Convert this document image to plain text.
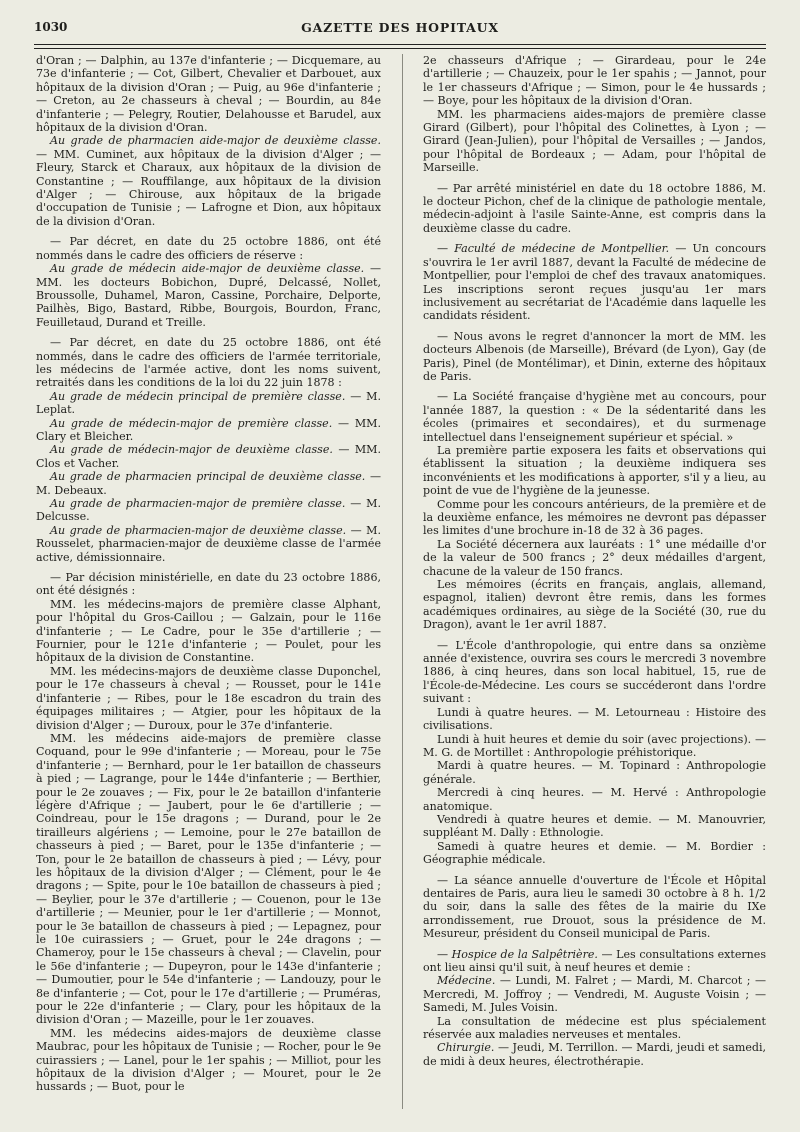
1030	GAZETTE DES HOPITAUX

d'Oran ; — Dalphin, au 137e d'infanterie ; — Dicquemare, au 73e d'infanterie ; — Cot, Gilbert, Chevalier et Darbouet, aux hôpitaux de la division d'Oran ; — Puig, au 96e d'infanterie ; — Creton, au 2e chasseurs à cheval ; — Bourdin, au 84e d'infanterie ; — Pelegry, Routier, Delahousse et Barudel, aux hôpitaux de la division d'Oran.

Au grade de pharmacien aide-major de deuxième classe. — MM. Cuminet, aux hôpitaux de la division d'Alger ; — Fleury, Starck et Charaux, aux hôpitaux de la division de Constantine ; — Rouffilange, aux hôpitaux de la division d'Alger ; — Chirouse, aux hôpitaux de la brigade d'occupation de Tunisie ; — Lafrogne et Dion, aux hôpitaux de la division d'Oran.

— Par décret, en date du 25 octobre 1886, ont été nommés dans le cadre des officiers de réserve :

Au grade de médecin aide-major de deuxième classe. — MM. les docteurs Bobichon, Dupré, Delcassé, Nollet, Broussolle, Duhamel, Maron, Cassine, Porchaire, Delporte, Pailhès, Bigo, Bastard, Ribbe, Bourgois, Bourdon, Franc, Feuilletaud, Durand et Treille.

— Par décret, en date du 25 octobre 1886, ont été nommés, dans le cadre des officiers de l'armée territoriale, les médecins de l'armée active, dont les noms suivent, retraités dans les conditions de la loi du 22 juin 1878 :

Au grade de médecin principal de première classe. — M. Leplat.

Au grade de médecin-major de première classe. — MM. Clary et Bleicher.

Au grade de médecin-major de deuxième classe. — MM. Clos et Vacher.

Au grade de pharmacien principal de deuxième classe. — M. Debeaux.

Au grade de pharmacien-major de première classe. — M. Delcusse.

Au grade de pharmacien-major de deuxième classe. — M. Rousselet, pharmacien-major de deuxième classe de l'armée active, démissionnaire.

— Par décision ministérielle, en date du 23 octobre 1886, ont été désignés :

MM. les médecins-majors de première classe Alphant, pour l'hôpital du Gros-Caillou ; — Galzain, pour le 116e d'infanterie ; — Le Cadre, pour le 35e d'artillerie ; — Fournier, pour le 121e d'infanterie ; — Poulet, pour les hôpitaux de la division de Constantine.

MM. les médecins-majors de deuxième classe Duponchel, pour le 17e chasseurs à cheval ; — Rousset, pour le 141e d'infanterie ; — Ribes, pour le 18e escadron du train des équipages militaires ; — Atgier, pour les hôpitaux de la division d'Alger ; — Duroux, pour le 37e d'infanterie.

MM. les médecins aide-majors de première classe Coquand, pour le 99e d'infanterie ; — Moreau, pour le 75e d'infanterie ; — Bernhard, pour le 1er bataillon de chasseurs à pied ; — Lagrange, pour le 144e d'infanterie ; — Berthier, pour le 2e zouaves ; — Fix, pour le 2e bataillon d'infanterie légère d'Afrique ; — Jaubert, pour le 6e d'artillerie ; — Coindreau, pour le 15e dragons ; — Durand, pour le 2e tirailleurs algériens ; — Lemoine, pour le 27e bataillon de chasseurs à pied ; — Baret, pour le 135e d'infanterie ; — Ton, pour le 2e bataillon de chasseurs à pied ; — Lévy, pour les hôpitaux de la division d'Alger ; — Clément, pour le 4e dragons ; — Spite, pour le 10e bataillon de chasseurs à pied ; — Beylier, pour le 37e d'artillerie ; — Couenon, pour le 13e d'artillerie ; — Meunier, pour le 1er d'artillerie ; — Monnot, pour le 3e bataillon de chasseurs à pied ; — Lepagnez, pour le 10e cuirassiers ; — Gruet, pour le 24e dragons ; — Chameroy, pour le 15e chasseurs à cheval ; — Clavelin, pour le 56e d'infanterie ; — Dupeyron, pour le 143e d'infanterie ; — Dumoutier, pour le 54e d'infanterie ; — Landouzy, pour le 8e d'infanterie ; — Cot, pour le 17e d'artillerie ; — Pruméras, pour le 22e d'infanterie ; — Clary, pour les hôpitaux de la division d'Oran ; — Mazeille, pour le 1er zouaves.

MM. les médecins aides-majors de deuxième classe Maubrac, pour les hôpitaux de Tunisie ; — Rocher, pour le 9e cuirassiers ; — Lanel, pour le 1er spahis ; — Milliot, pour les hôpitaux de la division d'Alger ; — Mouret, pour le 2e hussards ; — Buot, pour le

2e chasseurs d'Afrique ; — Girardeau, pour le 24e d'artillerie ; — Chauzeix, pour le 1er spahis ; — Jannot, pour le 1er chasseurs d'Afrique ; — Simon, pour le 4e hussards ; — Boye, pour les hôpitaux de la division d'Oran.

MM. les pharmaciens aides-majors de première classe Girard (Gilbert), pour l'hôpital des Colinettes, à Lyon ; — Girard (Jean-Julien), pour l'hôpital de Versailles ; — Jandos, pour l'hôpital de Bordeaux ; — Adam, pour l'hôpital de Marseille.

— Par arrêté ministériel en date du 18 octobre 1886, M. le docteur Pichon, chef de la clinique de pathologie mentale, médecin-adjoint à l'asile Sainte-Anne, est compris dans la deuxième classe du cadre.

— Faculté de médecine de Montpellier. — Un concours s'ouvrira le 1er avril 1887, devant la Faculté de médecine de Montpellier, pour l'emploi de chef des travaux anatomiques. Les inscriptions seront reçues jusqu'au 1er mars inclusivement au secrétariat de l'Académie dans laquelle les candidats résident.

— Nous avons le regret d'annoncer la mort de MM. les docteurs Albenois (de Marseille), Brévard (de Lyon), Gay (de Paris), Pinel (de Montélimar), et Dinin, externe des hôpitaux de Paris.

— La Société française d'hygiène met au concours, pour l'année 1887, la question : « De la sédentarité dans les écoles (primaires et secondaires), et du surmenage intellectuel dans l'enseignement supérieur et spécial. »

La première partie exposera les faits et observations qui établissent la situation ; la deuxième indiquera ses inconvénients et les modifications à apporter, s'il y a lieu, au point de vue de l'hygiène de la jeunesse.

Comme pour les concours antérieurs, de la première et de la deuxième enfance, les mémoires ne devront pas dépasser les limites d'une brochure in-18 de 32 à 36 pages.

La Société décernera aux lauréats : 1° une médaille d'or de la valeur de 500 francs ; 2° deux médailles d'argent, chacune de la valeur de 150 francs.

Les mémoires (écrits en français, anglais, allemand, espagnol, italien) devront être remis, dans les formes académiques ordinaires, au siège de la Société (30, rue du Dragon), avant le 1er avril 1887.

— L'École d'anthropologie, qui entre dans sa onzième année d'existence, ouvrira ses cours le mercredi 3 novembre 1886, à cinq heures, dans son local habituel, 15, rue de l'École-de-Médecine. Les cours se succéderont dans l'ordre suivant :

Lundi à quatre heures. — M. Letourneau : Histoire des civilisations.

Lundi à huit heures et demie du soir (avec projections). — M. G. de Mortillet : Anthropologie préhistorique.

Mardi à quatre heures. — M. Topinard : Anthropologie générale.

Mercredi à cinq heures. — M. Hervé : Anthropologie anatomique.

Vendredi à quatre heures et demie. — M. Manouvrier, suppléant M. Dally : Ethnologie.

Samedi à quatre heures et demie. — M. Bordier : Géographie médicale.

— La séance annuelle d'ouverture de l'École et Hôpital dentaires de Paris, aura lieu le samedi 30 octobre à 8 h. 1/2 du soir, dans la salle des fêtes de la mairie du IXe arrondissement, rue Drouot, sous la présidence de M. Mesureur, président du Conseil municipal de Paris.

— Hospice de la Salpêtrière. — Les consultations externes ont lieu ainsi qu'il suit, à neuf heures et demie :

Médecine. — Lundi, M. Falret ; — Mardi, M. Charcot ; — Mercredi, M. Joffroy ; — Vendredi, M. Auguste Voisin ; — Samedi, M. Jules Voisin.

La consultation de médecine est plus spécialement réservée aux maladies nerveuses et mentales.

Chirurgie. — Jeudi, M. Terrillon. — Mardi, jeudi et samedi, de midi à deux heures, électrothérapie.
